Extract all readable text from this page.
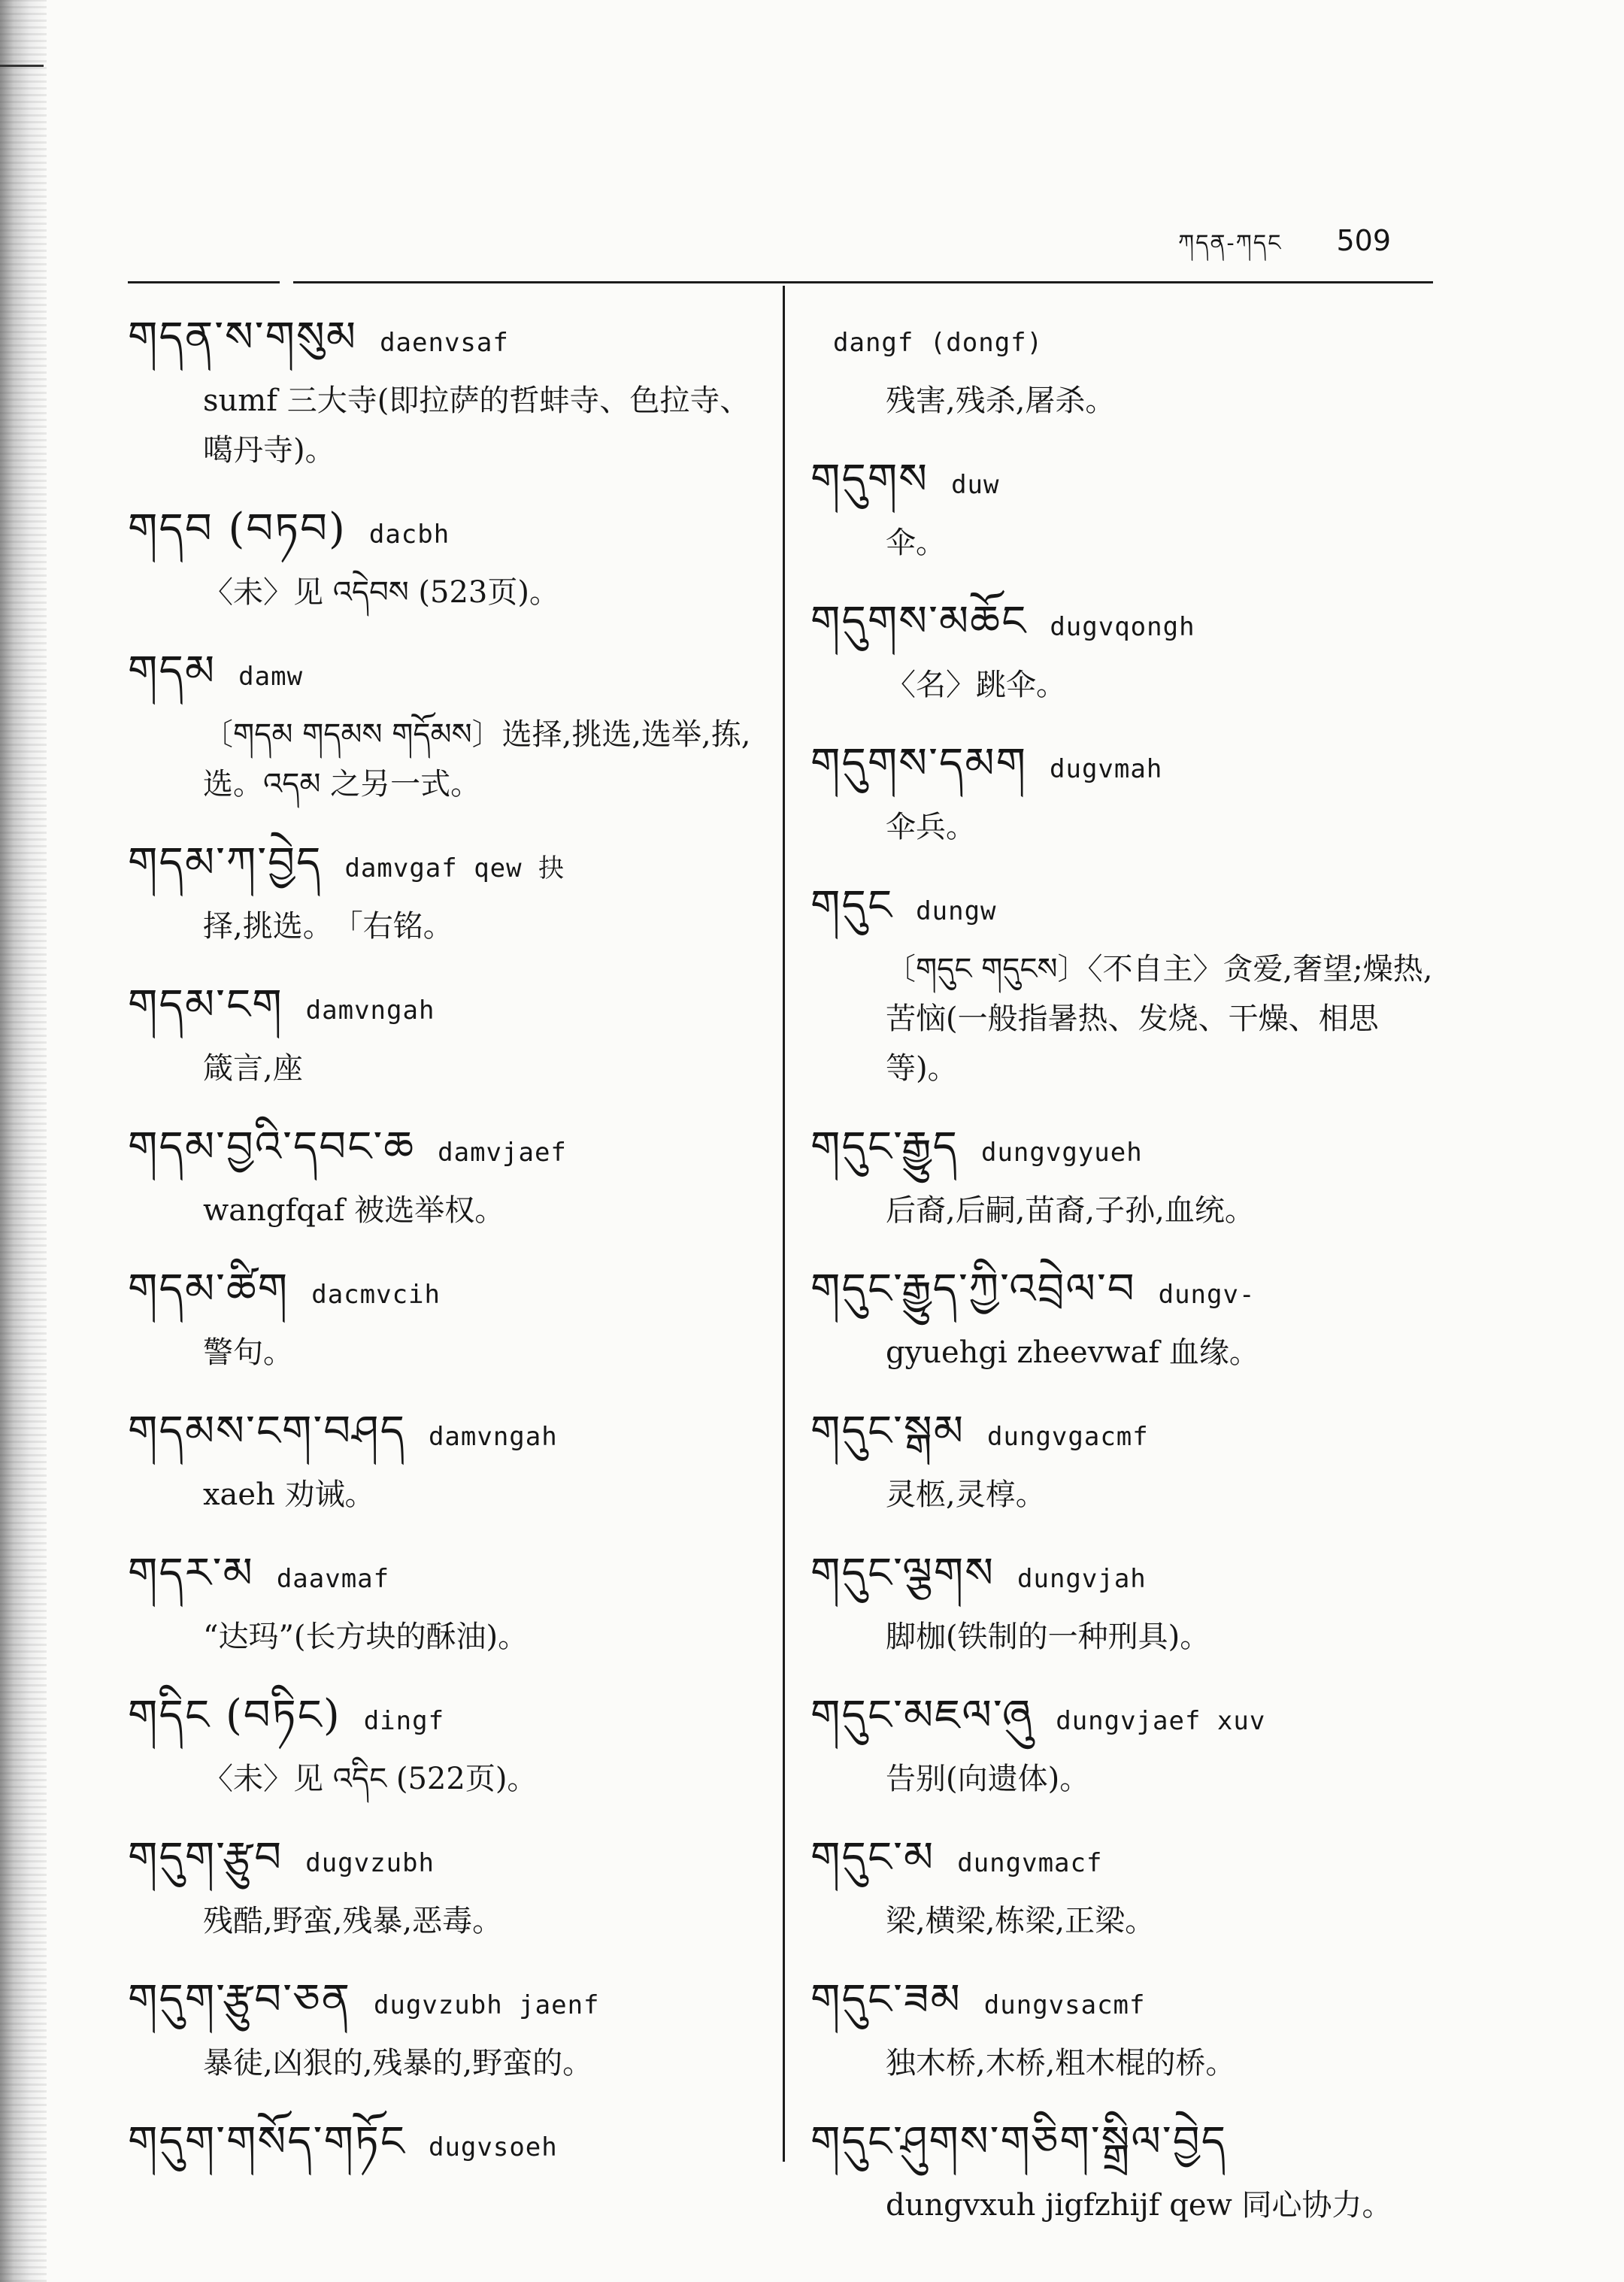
ཀདན-ཀདང 509
གདན་ས་གསུམ daenvsaf
sumf 三大寺(即拉萨的哲蚌寺、色拉寺、噶丹寺)。
གདབ (བཏབ) dacbh
〈未〉见 འདེབས (523页)。
གདམ damw
〔གདམ གདམས གདོམས〕选择,挑选,选举,拣,选。འདམ 之另一式。
གདམ་ཀ་བྱེད damvgaf qew 抉
择,挑选。　「右铭。
གདམ་ངག damvngah
箴言,座
གདམ་བྱའི་དབང་ཆ damvjaef
wangfqaf 被选举权。
གདམ་ཚིག dacmvcih
警句。
གདམས་ངག་བཤད damvngah
xaeh 劝诫。
གདར་མ daavmaf
“达玛”(长方块的酥油)。
གདིང (བཏིང) dingf
〈未〉见 འདིང (522页)。
གདུག་རྩུབ dugvzubh
残酷,野蛮,残暴,恶毒。
གདུག་རྩུབ་ཅན dugvzubh jaenf
暴徒,凶狠的,残暴的,野蛮的。
གདུག་གསོད་གཏོང dugvsoeh
dangf (dongf)
残害,残杀,屠杀。
གདུགས duw
伞。
གདུགས་མཆོང dugvqongh
〈名〉跳伞。
གདུགས་དམག dugvmah
伞兵。
གདུང dungw
〔གདུང གདུངས〕〈不自主〉贪爱,奢望;燥热,苦恼(一般指暑热、发烧、干燥、相思等)。
གདུང་རྒྱུད dungvgyueh
后裔,后嗣,苗裔,子孙,血统。
གདུང་རྒྱུད་ཀྱི་འབྲེལ་བ dungv-
gyuehgi zheevwaf 血缘。
གདུང་སྒམ dungvgacmf
灵柩,灵椁。
གདུང་ལྕགས dungvjah
脚枷(铁制的一种刑具)。
གདུང་མཇལ་ཞུ dungvjaef xuv
告别(向遗体)。
གདུང་མ dungvmacf
梁,横梁,栋梁,正梁。
གདུང་ཟམ dungvsacmf
独木桥,木桥,粗木棍的桥。
གདུང་ཤུགས་གཅིག་སྒྲིལ་བྱེད
dungvxuh jigfzhijf qew 同心协力。
